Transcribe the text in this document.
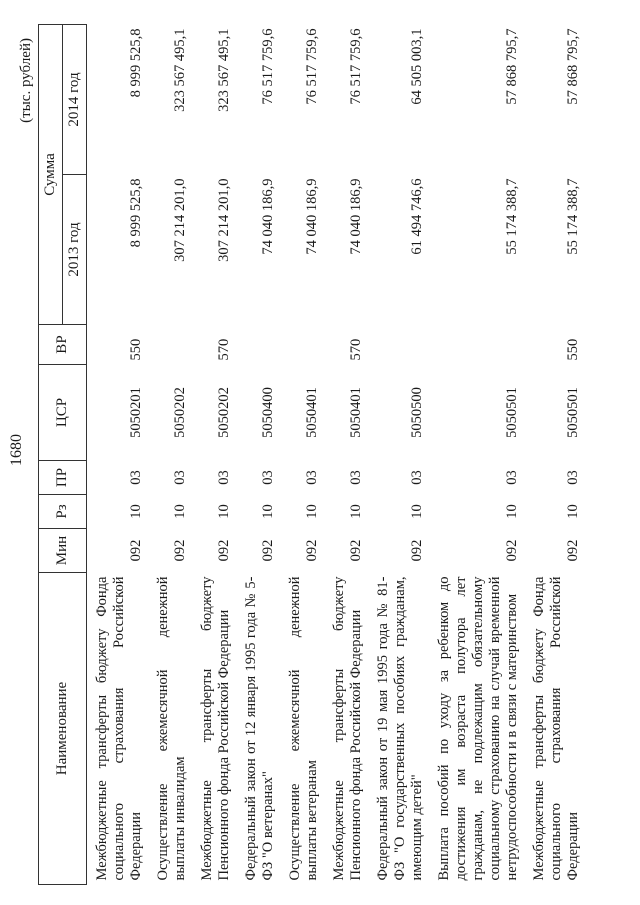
1680
(тыс. рублей)
Наименование	Мин	Рз	ПР	ЦСР	ВР	Сумма	
						2013 год	2014 год
Межбюджетные трансферты бюджету Фонда социального страхования Российской Федерации	092	10	03	5050201	550	8 999 525,8	8 999 525,8
Осуществление ежемесячной денежной выплаты инвалидам	092	10	03	5050202		307 214 201,0	323 567 495,1
Межбюджетные трансферты бюджету Пенсионного фонда Российской Федерации	092	10	03	5050202	570	307 214 201,0	323 567 495,1
Федеральный закон от 12 января 1995 года № 5-ФЗ "О ветеранах"	092	10	03	5050400		74 040 186,9	76 517 759,6
Осуществление ежемесячной денежной выплаты ветеранам	092	10	03	5050401		74 040 186,9	76 517 759,6
Межбюджетные трансферты бюджету Пенсионного фонда Российской Федерации	092	10	03	5050401	570	74 040 186,9	76 517 759,6
Федеральный закон от 19 мая 1995 года № 81-ФЗ "О государственных пособиях гражданам, имеющим детей"	092	10	03	5050500		61 494 746,6	64 505 003,1
Выплата пособий по уходу за ребенком до достижения им возраста полутора лет гражданам, не подлежащим обязательному социальному страхованию на случай временной нетрудоспособности и в связи с материнством	092	10	03	5050501		55 174 388,7	57 868 795,7
Межбюджетные трансферты бюджету Фонда социального страхования Российской Федерации	092	10	03	5050501	550	55 174 388,7	57 868 795,7
